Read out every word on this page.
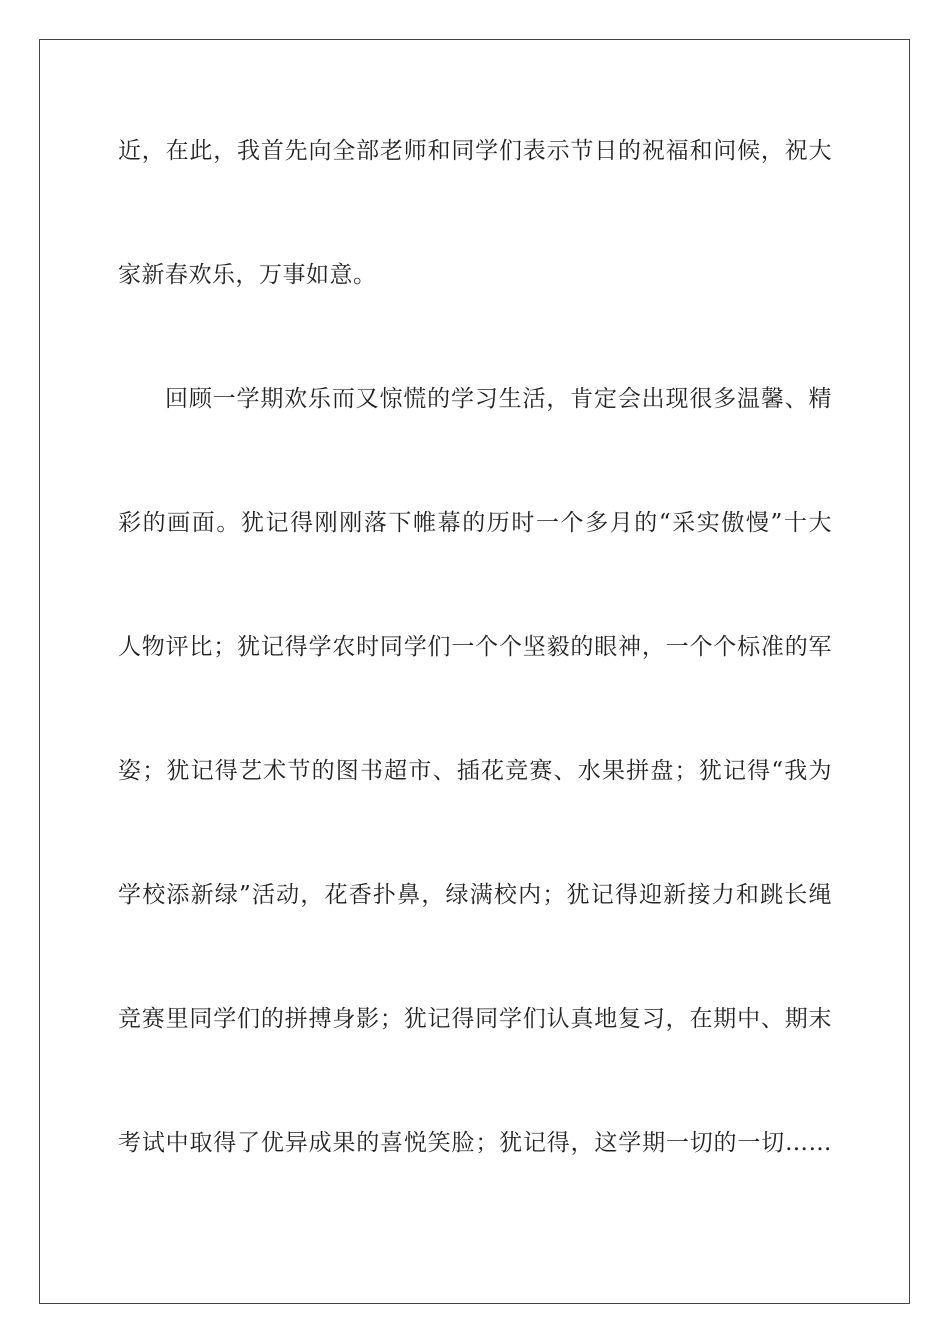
近，在此，我首先向全部老师和同学们表示节日的祝福和问候，祝大
家新春欢乐，万事如意。
回顾一学期欢乐而又惊慌的学习生活，肯定会出现很多温馨、精
彩的画面。犹记得刚刚落下帷幕的历时一个多月的“采实傲慢”十大
人物评比；犹记得学农时同学们一个个坚毅的眼神，一个个标准的军
姿；犹记得艺术节的图书超市、插花竞赛、水果拼盘；犹记得“我为
学校添新绿”活动，花香扑鼻，绿满校内；犹记得迎新接力和跳长绳
竞赛里同学们的拼搏身影；犹记得同学们认真地复习，在期中、期末
考试中取得了优异成果的喜悦笑脸；犹记得，这学期一切的一切……
